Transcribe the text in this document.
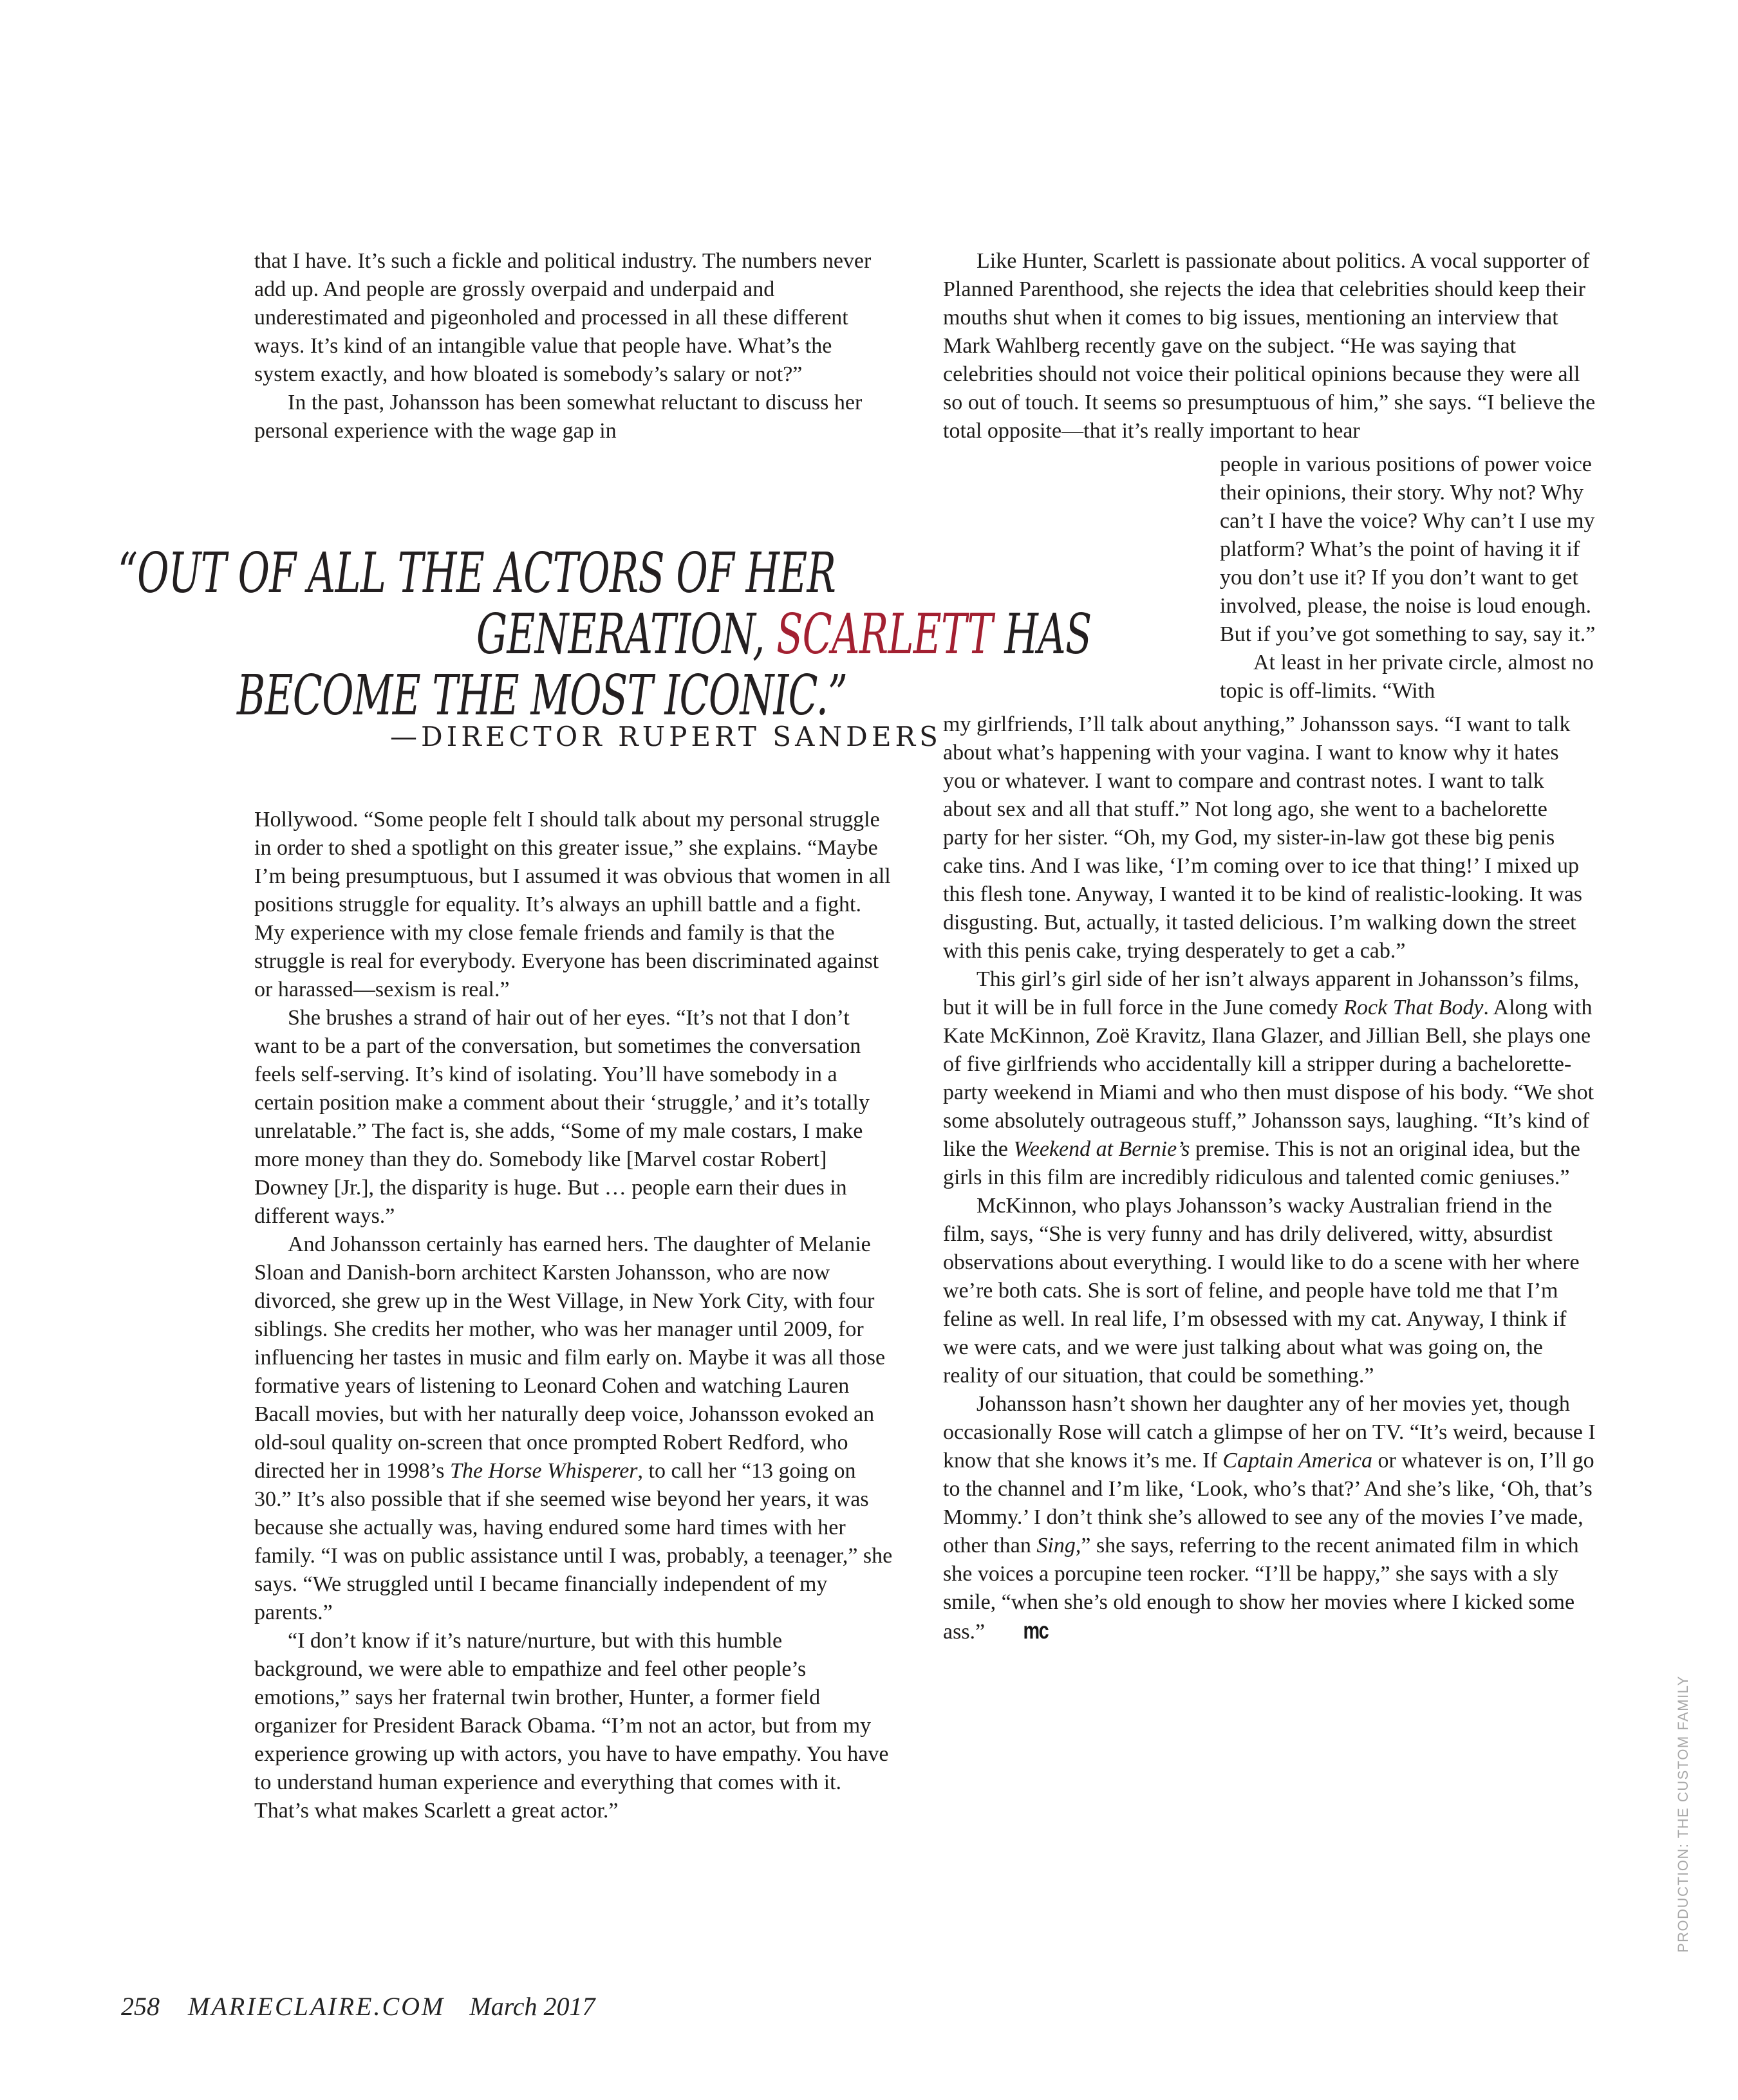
that I have. It’s such a fickle and political industry. The numbers never add up. And people are grossly overpaid and underpaid and underestimated and pigeonholed and processed in all these different ways. It’s kind of an intangible value that people have. What’s the system exactly, and how bloated is somebody’s salary or not?”

In the past, Johansson has been somewhat reluctant to discuss her personal experience with the wage gap in

“OUT OF ALL THE ACTORS OF HER
GENERATION, SCARLETT HAS
BECOME THE MOST ICONIC.”
—DIRECTOR RUPERT SANDERS

Hollywood. “Some people felt I should talk about my personal struggle in order to shed a spotlight on this greater issue,” she explains. “Maybe I’m being presumptuous, but I assumed it was obvious that women in all positions struggle for equality. It’s always an uphill battle and a fight. My experience with my close female friends and family is that the struggle is real for everybody. Everyone has been discriminated against or harassed—sexism is real.”

She brushes a strand of hair out of her eyes. “It’s not that I don’t want to be a part of the conversation, but sometimes the conversation feels self-serving. It’s kind of isolating. You’ll have somebody in a certain position make a comment about their ‘struggle,’ and it’s totally unrelatable.” The fact is, she adds, “Some of my male costars, I make more money than they do. Somebody like [Marvel costar Robert] Downey [Jr.], the disparity is huge. But … people earn their dues in different ways.”

And Johansson certainly has earned hers. The daughter of Melanie Sloan and Danish-born architect Karsten Johansson, who are now divorced, she grew up in the West Village, in New York City, with four siblings. She credits her mother, who was her manager until 2009, for influencing her tastes in music and film early on. Maybe it was all those formative years of listening to Leonard Cohen and watching Lauren Bacall movies, but with her naturally deep voice, Johansson evoked an old-soul quality on-screen that once prompted Robert Redford, who directed her in 1998’s The Horse Whisperer, to call her “13 going on 30.” It’s also possible that if she seemed wise beyond her years, it was because she actually was, having endured some hard times with her family. “I was on public assistance until I was, probably, a teenager,” she says. “We struggled until I became financially independent of my parents.”

“I don’t know if it’s nature/nurture, but with this humble background, we were able to empathize and feel other people’s emotions,” says her fraternal twin brother, Hunter, a former field organizer for President Barack Obama. “I’m not an actor, but from my experience growing up with actors, you have to have empathy. You have to understand human experience and everything that comes with it. That’s what makes Scarlett a great actor.”

Like Hunter, Scarlett is passionate about politics. A vocal supporter of Planned Parenthood, she rejects the idea that celebrities should keep their mouths shut when it comes to big issues, mentioning an interview that Mark Wahlberg recently gave on the subject. “He was saying that celebrities should not voice their political opinions because they were all so out of touch. It seems so presumptuous of him,” she says. “I believe the total opposite—that it’s really important to hear

people in various positions of power voice their opinions, their story. Why not? Why can’t I have the voice? Why can’t I use my platform? What’s the point of having it if you don’t use it? If you don’t want to get involved, please, the noise is loud enough. But if you’ve got something to say, say it.”

At least in her private circle, almost no topic is off-limits. “With

my girlfriends, I’ll talk about anything,” Johansson says. “I want to talk about what’s happening with your vagina. I want to know why it hates you or whatever. I want to compare and contrast notes. I want to talk about sex and all that stuff.” Not long ago, she went to a bachelorette party for her sister. “Oh, my God, my sister-in-law got these big penis cake tins. And I was like, ‘I’m coming over to ice that thing!’ I mixed up this flesh tone. Anyway, I wanted it to be kind of realistic-looking. It was disgusting. But, actually, it tasted delicious. I’m walking down the street with this penis cake, trying desperately to get a cab.”

This girl’s girl side of her isn’t always apparent in Johansson’s films, but it will be in full force in the June comedy Rock That Body. Along with Kate McKinnon, Zoë Kravitz, Ilana Glazer, and Jillian Bell, she plays one of five girlfriends who accidentally kill a stripper during a bachelorette-party weekend in Miami and who then must dispose of his body. “We shot some absolutely outrageous stuff,” Johansson says, laughing. “It’s kind of like the Weekend at Bernie’s premise. This is not an original idea, but the girls in this film are incredibly ridiculous and talented comic geniuses.”

McKinnon, who plays Johansson’s wacky Australian friend in the film, says, “She is very funny and has drily delivered, witty, absurdist observations about everything. I would like to do a scene with her where we’re both cats. She is sort of feline, and people have told me that I’m feline as well. In real life, I’m obsessed with my cat. Anyway, I think if we were cats, and we were just talking about what was going on, the reality of our situation, that could be something.”

Johansson hasn’t shown her daughter any of her movies yet, though occasionally Rose will catch a glimpse of her on TV. “It’s weird, because I know that she knows it’s me. If Captain America or whatever is on, I’ll go to the channel and I’m like, ‘Look, who’s that?’ And she’s like, ‘Oh, that’s Mommy.’ I don’t think she’s allowed to see any of the movies I’ve made, other than Sing,” she says, referring to the recent animated film in which she voices a porcupine teen rocker. “I’ll be happy,” she says with a sly smile, “when she’s old enough to show her movies where I kicked some ass.” mc

258 MARIECLAIRE.COM March 2017
PRODUCTION: THE CUSTOM FAMILY
